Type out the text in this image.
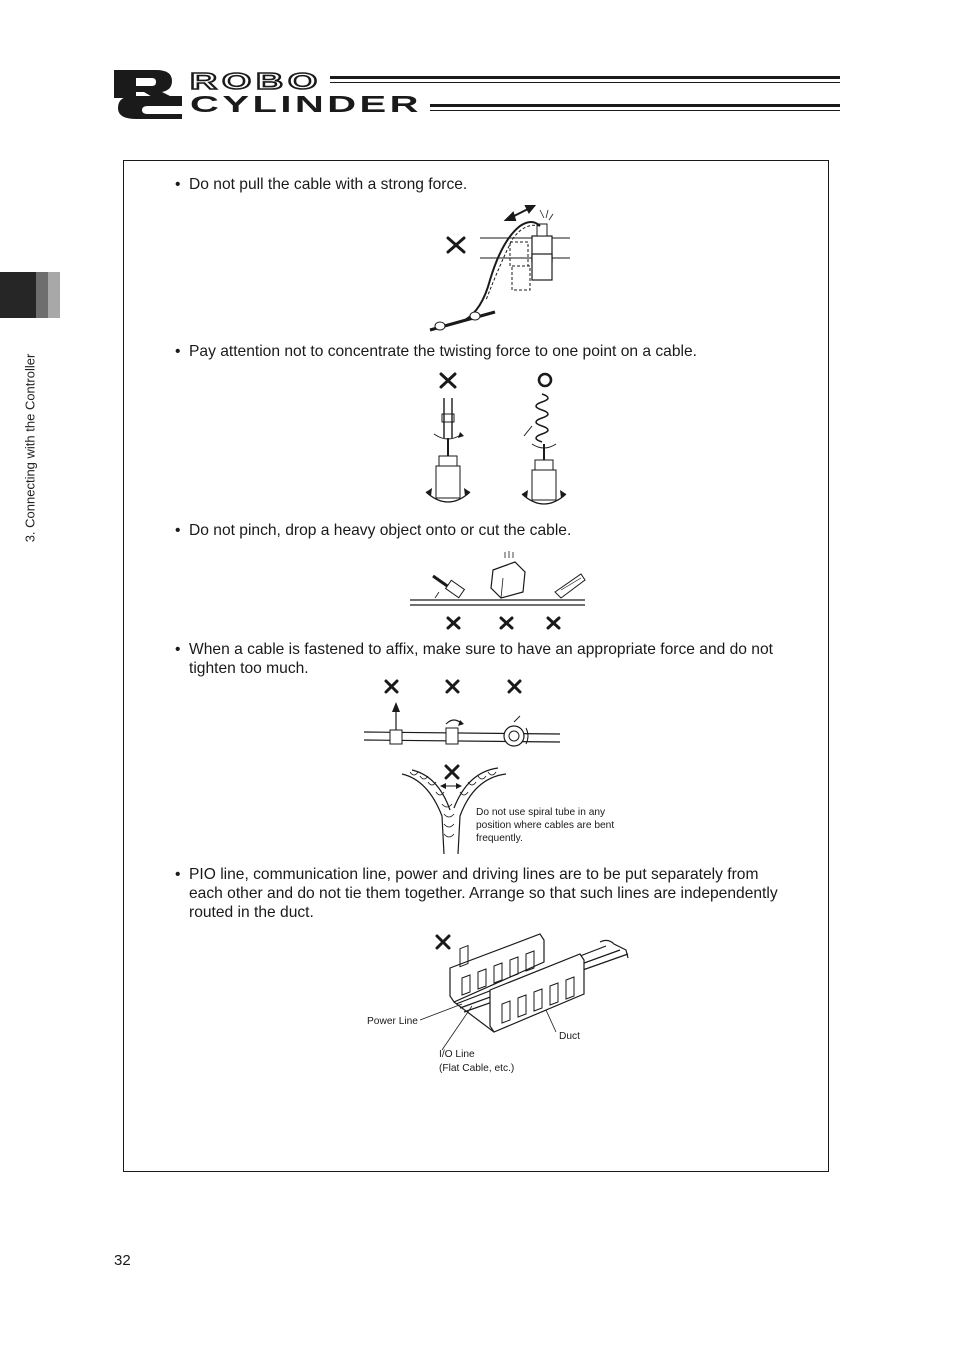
ROBO
CYLINDER
3. Connecting with the Controller
• Do not pull the cable with a strong force.
• Pay attention not to concentrate the twisting force to one point on a cable.
• Do not pinch, drop a heavy object onto or cut the cable.
• When a cable is fastened to affix, make sure to have an appropriate force and do not
tighten too much.
Do not use spiral tube in any
position where cables are bent
frequently.
• PIO line, communication line, power and driving lines are to be put separately from
each other and do not tie them together. Arrange so that such lines are independently
routed in the duct.
Power Line
Duct
I/O Line
(Flat Cable, etc.)
32
